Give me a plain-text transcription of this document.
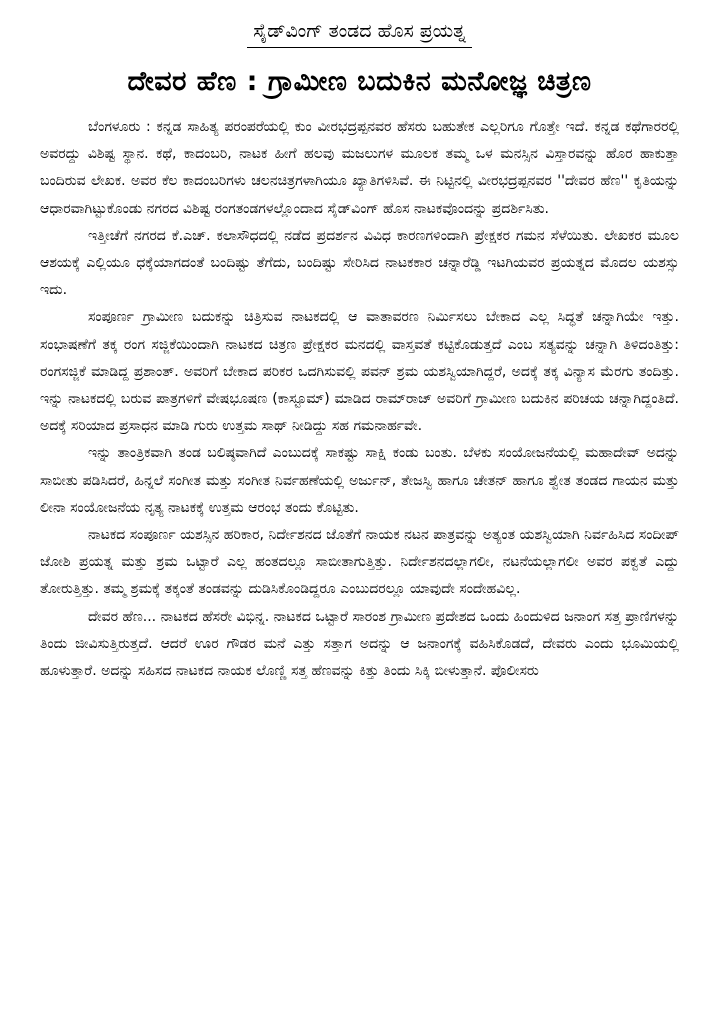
ಸೈಡ್‌ವಿಂಗ್ ತಂಡದ ಹೊಸ ಪ್ರಯತ್ನ
ದೇವರ ಹೆಣ : ಗ್ರಾಮೀಣ ಬದುಕಿನ ಮನೋಜ್ಞ ಚಿತ್ರಣ

ಬೆಂಗಳೂರು : ಕನ್ನಡ ಸಾಹಿತ್ಯ ಪರಂಪರೆಯಲ್ಲಿ ಕುಂ ವೀರಭದ್ರಪ್ಪನವರ ಹೆಸರು ಬಹುತೇಕ ಎಲ್ಲರಿಗೂ ಗೊತ್ತೇ ಇದೆ. ಕನ್ನಡ ಕಥೆಗಾರರಲ್ಲಿ ಅವರದ್ದು ವಿಶಿಷ್ಟ ಸ್ಥಾನ. ಕಥೆ, ಕಾದಂಬರಿ, ನಾಟಕ ಹೀಗೆ ಹಲವು ಮಜಲುಗಳ ಮೂಲಕ ತಮ್ಮ ಒಳ ಮನಸ್ಸಿನ ವಿಸ್ತಾರವನ್ನು ಹೊರ ಹಾಕುತ್ತಾ ಬಂದಿರುವ ಲೇಖಕ. ಅವರ ಕೆಲ ಕಾದಂಬರಿಗಳು ಚಲನಚಿತ್ರಗಳಾಗಿಯೂ ಖ್ಯಾತಿಗಳಿಸಿವೆ. ಈ ನಿಟ್ಟಿನಲ್ಲಿ ವೀರಭದ್ರಪ್ಪನವರ ''ದೇವರ ಹೆಣ'' ಕೃತಿಯನ್ನು ಆಧಾರವಾಗಿಟ್ಟುಕೊಂಡು ನಗರದ ವಿಶಿಷ್ಟ ರಂಗತಂಡಗಳಲ್ಲೊಂದಾದ ಸೈಡ್‌ವಿಂಗ್ ಹೊಸ ನಾಟಕವೊಂದನ್ನು ಪ್ರದರ್ಶಿಸಿತು.

ಇತ್ತೀಚೆಗೆ ನಗರದ ಕೆ.ಎಚ್. ಕಲಾಸೌಧದಲ್ಲಿ ನಡೆದ ಪ್ರದರ್ಶನ ವಿವಿಧ ಕಾರಣಗಳಿಂದಾಗಿ ಪ್ರೇಕ್ಷಕರ ಗಮನ ಸೆಳೆಯಿತು. ಲೇಖಕರ ಮೂಲ ಆಶಯಕ್ಕೆ ಎಲ್ಲಿಯೂ ಧಕ್ಕೆಯಾಗದಂತೆ ಬಂದಿಷ್ಟು ತೆಗೆದು, ಬಂದಿಷ್ಟು ಸೇರಿಸಿದ ನಾಟಕಕಾರ ಚನ್ನಾರೆಡ್ಡಿ ಇಟಗಿಯವರ ಪ್ರಯತ್ನದ ಮೊದಲ ಯಶಸ್ಸು ಇದು.

ಸಂಪೂರ್ಣ ಗ್ರಾಮೀಣ ಬದುಕನ್ನು ಚಿತ್ರಿಸುವ ನಾಟಕದಲ್ಲಿ ಆ ವಾತಾವರಣ ನಿರ್ಮಿಸಲು ಬೇಕಾದ ಎಲ್ಲ ಸಿದ್ಧತೆ ಚನ್ನಾಗಿಯೇ ಇತ್ತು. ಸಂಭಾಷಣೆಗೆ ತಕ್ಕ ರಂಗ ಸಜ್ಜಿಕೆಯಿಂದಾಗಿ ನಾಟಕದ ಚಿತ್ರಣ ಪ್ರೇಕ್ಷಕರ ಮನದಲ್ಲಿ ವಾಸ್ತವತೆ ಕಟ್ಟಿಕೊಡುತ್ತದೆ ಎಂಬ ಸತ್ಯವನ್ನು ಚನ್ನಾಗಿ ತಿಳಿದಂತಿತ್ತು: ರಂಗಸಜ್ಜಿಕೆ ಮಾಡಿದ್ದ ಪ್ರಶಾಂತ್. ಅವರಿಗೆ ಬೇಕಾದ ಪರಿಕರ ಒದಗಿಸುವಲ್ಲಿ ಪವನ್ ಶ್ರಮ ಯಶಸ್ವಿಯಾಗಿದ್ದರೆ, ಅದಕ್ಕೆ ತಕ್ಕ ವಿನ್ಯಾಸ ಮೆರಗು ತಂದಿತ್ತು. ಇನ್ನು ನಾಟಕದಲ್ಲಿ ಬರುವ ಪಾತ್ರಗಳಿಗೆ ವೇಷಭೂಷಣ (ಕಾಸ್ಟೂಮ್) ಮಾಡಿದ ರಾಮ್‌ರಾಜ್ ಅವರಿಗೆ ಗ್ರಾಮೀಣ ಬದುಕಿನ ಪರಿಚಯ ಚನ್ನಾಗಿದ್ದಂತಿದೆ. ಅದಕ್ಕೆ ಸರಿಯಾದ ಪ್ರಸಾಧನ ಮಾಡಿ ಗುರು ಉತ್ತಮ ಸಾಥ್ ನೀಡಿದ್ದು ಸಹ ಗಮನಾರ್ಹವೇ.

ಇನ್ನು ತಾಂತ್ರಿಕವಾಗಿ ತಂಡ ಬಲಿಷ್ಠವಾಗಿದೆ ಎಂಬುದಕ್ಕೆ ಸಾಕಷ್ಟು ಸಾಕ್ಷಿ ಕಂಡು ಬಂತು. ಬೆಳಕು ಸಂಯೋಜನೆಯಲ್ಲಿ ಮಹಾದೇವ್ ಅದನ್ನು ಸಾಬೀತು ಪಡಿಸಿದರೆ, ಹಿನ್ನಲೆ ಸಂಗೀತ ಮತ್ತು ಸಂಗೀತ ನಿರ್ವಹಣೆಯಲ್ಲಿ ಅರ್ಜುನ್, ತೇಜಸ್ವಿ ಹಾಗೂ ಚೇತನ್ ಹಾಗೂ ಶ್ವೇತ ತಂಡದ ಗಾಯನ ಮತ್ತು ಲೀನಾ ಸಂಯೋಜನೆಯ ನೃತ್ಯ ನಾಟಕಕ್ಕೆ ಉತ್ತಮ ಆರಂಭ ತಂದು ಕೊಟ್ಟಿತು.

ನಾಟಕದ ಸಂಪೂರ್ಣ ಯಶಸ್ಸಿನ ಹರಿಕಾರ, ನಿರ್ದೇಶನದ ಜೊತೆಗೆ ನಾಯಕ ನಟನ ಪಾತ್ರವನ್ನು ಅತ್ಯಂತ ಯಶಸ್ವಿಯಾಗಿ ನಿರ್ವಹಿಸಿದ ಸಂದೀಪ್ ಜೋಶಿ ಪ್ರಯತ್ನ ಮತ್ತು ಶ್ರಮ ಒಟ್ಟಾರೆ ಎಲ್ಲ ಹಂತದಲ್ಲೂ ಸಾಬೀತಾಗುತ್ತಿತ್ತು. ನಿರ್ದೇಶನದಲ್ಲಾಗಲೀ, ನಟನೆಯಲ್ಲಾಗಲೀ ಅವರ ಪಕ್ವತೆ ಎದ್ದು ತೋರುತ್ತಿತ್ತು. ತಮ್ಮ ಶ್ರಮಕ್ಕೆ ತಕ್ಕಂತೆ ತಂಡವನ್ನು ದುಡಿಸಿಕೊಂಡಿದ್ದರೂ ಎಂಬುದರಲ್ಲೂ ಯಾವುದೇ ಸಂದೇಹವಿಲ್ಲ.

ದೇವರ ಹೆಣ... ನಾಟಕದ ಹೆಸರೇ ವಿಭಿನ್ನ. ನಾಟಕದ ಒಟ್ಟಾರೆ ಸಾರಂಶ ಗ್ರಾಮೀಣ ಪ್ರದೇಶದ ಒಂದು ಹಿಂದುಳಿದ ಜನಾಂಗ ಸತ್ತ ಪ್ರಾಣಿಗಳನ್ನು ತಿಂದು ಜೀವಿಸುತ್ತಿರುತ್ತದೆ. ಆದರೆ ಊರ ಗೌಡರ ಮನೆ ಎತ್ತು ಸತ್ತಾಗ ಅದನ್ನು ಆ ಜನಾಂಗಕ್ಕೆ ವಹಿಸಿಕೊಡದೆ, ದೇವರು ಎಂದು ಭೂಮಿಯಲ್ಲಿ ಹೂಳುತ್ತಾರೆ. ಅದನ್ನು ಸಹಿಸದ ನಾಟಕದ ನಾಯಕ ಲೊಣ್ಣಿ ಸತ್ತ ಹೆಣವನ್ನು ಕಿತ್ತು ತಿಂದು ಸಿಕ್ಕಿ ಬೀಳುತ್ತಾನೆ. ಪೊಲೀಸರು
